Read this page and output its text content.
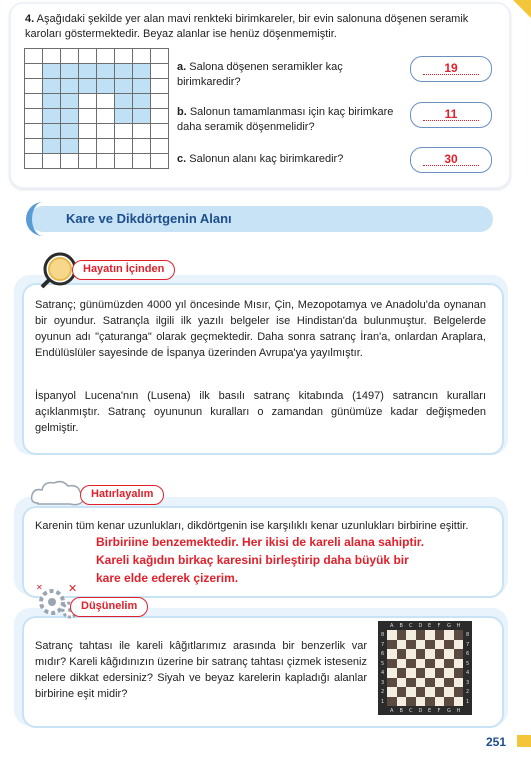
4. Aşağıdaki şekilde yer alan mavi renkteki birimkareler, bir evin salonuna döşenen seramik karoları göstermektedir. Beyaz alanlar ise henüz döşenmemiştir.

a. Salona döşenen seramikler kaç birimkaredir?
19
b. Salonun tamamlanması için kaç birimkare daha seramik döşenmelidir?
11
c. Salonun alanı kaç birimkaredir?	30
Kare ve Dikdörtgenin Alanı
Hayatın İçinden
Satranç; günümüzden 4000 yıl öncesinde Mısır, Çin, Mezopotamya ve Anadolu'da oynanan bir oyundur. Satrançla ilgili ilk yazılı belgeler ise Hindistan'da bulunmuştur. Belgelerde oyunun adı "çaturanga" olarak geçmektedir. Daha sonra satranç İran'a, onlardan Araplara, Endülüslüler sayesinde de İspanya üzerinden Avrupa'ya yayılmıştır.
İspanyol Lucena'nın (Lusena) ilk basılı satranç kitabında (1497) satrancın kuralları açıklanmıştır. Satranç oyununun kuralları o zamandan günümüze kadar değişmeden gelmiştir.
Hatırlayalım
Karenin tüm kenar uzunlukları, dikdörtgenin ise karşılıklı kenar uzunlukları birbirine eşittir.
Birbiriine benzemektedir. Her ikisi de kareli alana sahiptir.
Kareli kağıdın birkaç karesini birleştirip daha büyük bir
kare elde ederek çizerim.
✕
✕
Düşünelim
Satranç tahtası ile kareli kâğıtlarımız arasında bir benzerlik var mıdır? Kareli kâğıdınızın üzerine bir satranç tahtası çizmek isteseniz nelere dikkat edersiniz? Siyah ve beyaz karelerin kapladığı alanlar birbirine eşit midir?
A
A
B
B
C
C
D
D
E
E
F
F
G
G
H
H
8	8
7	7
6	6
5	5
4	4
3	3
2	2
1	1
251
